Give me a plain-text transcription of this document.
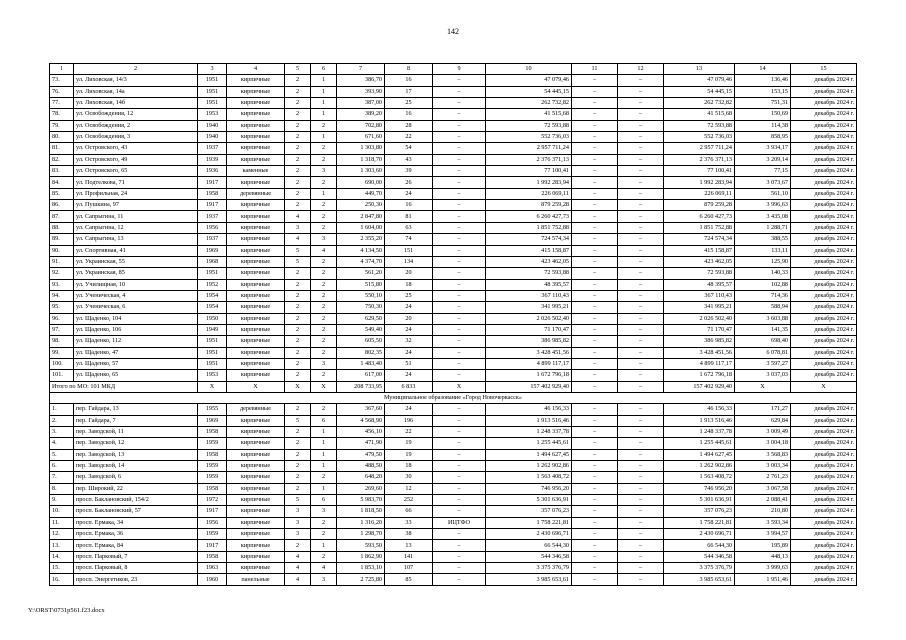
142
1	2	3	4	5	6	7	8	9	10	11	12	13	14	15
73.	ул. Лиховская, 14/3	1951	кирпичные	2	1	386,70	16	–	47 079,46	–	–	47 079,46	136,46	декабрь 2024 г.
76.	ул. Лиховская, 14а	1951	кирпичные	2	1	393,90	17	–	54 445,15	–	–	54 445,15	153,15	декабрь 2024 г.
77.	ул. Лиховская, 14б	1951	кирпичные	2	1	387,00	25	–	262 732,82	–	–	262 732,82	751,31	декабрь 2024 г.
78.	ул. Освобождения, 12	1953	кирпичные	2	1	389,20	16	–	41 515,68	–	–	41 515,68	150,69	декабрь 2024 г.
79.	ул. Освобождения, 2	1940	кирпичные	2	2	702,80	28	–	72 593,88	–	–	72 593,88	114,38	декабрь 2024 г.
80.	ул. Освобождения, 3	1940	кирпичные	2	1	671,60	22	–	552 736,03	–	–	552 736,03	858,95	декабрь 2024 г.
81.	ул. Островского, 43	1937	кирпичные	2	2	1 303,80	54	–	2 957 711,24	–	–	2 957 711,24	3 934,17	декабрь 2024 г.
82.	ул. Островского, 49	1939	кирпичные	2	2	1 318,70	43	–	2 376 371,13	–	–	2 376 371,13	3 209,14	декабрь 2024 г.
83.	ул. Островского, 65	1936	каменные	2	3	1 303,60	39	–	77 100,41	–	–	77 100,41	77,15	декабрь 2024 г.
84.	ул. Подтелкова, 71	1917	кирпичные	2	2	690,00	26	–	1 992 283,94	–	–	1 992 283,94	3 073,67	декабрь 2024 г.
85.	ул. Профильная, 24	1958	деревянные	2	1	449,70	24	–	226 069,11	–	–	226 069,11	561,10	декабрь 2024 г.
86.	ул. Пушкина, 97	1917	кирпичные	2	2	250,30	16	–	879 259,28	–	–	879 259,28	3 996,63	декабрь 2024 г.
87.	ул. Сапрыгина, 11	1937	кирпичные	4	2	2 847,80	81	–	6 260 427,73	–	–	6 260 427,73	3 435,08	декабрь 2024 г.
88.	ул. Сапрыгина, 12	1956	кирпичные	3	2	1 604,00	63	–	1 851 752,88	–	–	1 851 752,88	1 288,71	декабрь 2024 г.
89.	ул. Сапрыгина, 13	1937	кирпичные	4	3	2 355,20	74	–	724 574,34	–	–	724 574,34	388,55	декабрь 2024 г.
90.	ул. Спортивная, 41	1969	кирпичные	5	4	4 134,50	151	–	415 158,87	–	–	415 158,87	133,11	декабрь 2024 г.
91.	ул. Украинская, 55	1968	кирпичные	5	2	4 374,70	134	–	423 462,05	–	–	423 462,05	125,90	декабрь 2024 г.
92.	ул. Украинская, 85	1951	кирпичные	2	2	561,20	20	–	72 593,88	–	–	72 593,88	140,33	декабрь 2024 г.
93.	ул. Училищная, 10	1952	кирпичные	2	2	515,80	18	–	48 395,57	–	–	48 395,57	102,88	декабрь 2024 г.
94.	ул. Ученическая, 4	1954	кирпичные	2	2	550,10	25	–	367 110,43	–	–	367 110,43	714,36	декабрь 2024 г.
95.	ул. Ученическая, 6	1954	кирпичные	2	2	750,30	24	–	341 995,21	–	–	341 995,21	588,94	декабрь 2024 г.
96.	ул. Щаденко, 104	1950	кирпичные	2	2	629,50	20	–	2 026 502,40	–	–	2 026 502,40	3 603,88	декабрь 2024 г.
97.	ул. Щаденко, 106	1949	кирпичные	2	2	549,40	24	–	71 170,47	–	–	71 170,47	141,35	декабрь 2024 г.
98.	ул. Щаденко, 112	1951	кирпичные	2	2	605,50	32	–	386 985,82	–	–	386 985,82	698,40	декабрь 2024 г.
99.	ул. Щаденко, 47	1951	кирпичные	2	2	802,35	24	–	3 428 451,56	–	–	3 428 451,56	6 078,81	декабрь 2024 г.
100.	ул. Щаденко, 57	1951	кирпичные	2	3	1 483,40	51	–	4 899 117,17	–	–	4 899 117,17	3 597,27	декабрь 2024 г.
101.	ул. Щаденко, 65	1953	кирпичные	2	2	617,00	24	–	1 672 796,18	–	–	1 672 796,18	3 037,03	декабрь 2024 г.
Итого по МО: 101 МКД		X	X	X	X	208 733,95	6 833	X	157 402 929,40	–	–	157 402 929,40	X	X
Муниципальное образование «Город Новочеркасск»														
1.	пер. Гайдара, 13	1955	деревянные	2	2	367,60	24	–	46 156,33	–	–	46 156,33	171,27	декабрь 2024 г.
2.	пер. Гайдара, 7	1969	кирпичные	5	6	4 568,90	196	–	1 913 516,46	–	–	1 913 516,46	629,84	декабрь 2024 г.
3.	пер. Заводской, 11	1958	кирпичные	2	1	456,10	22	–	1 248 337,78	–	–	1 248 337,78	3 009,49	декабрь 2024 г.
4.	пер. Заводской, 12	1959	кирпичные	2	1	471,90	19	–	1 255 445,61	–	–	1 255 445,61	3 004,18	декабрь 2024 г.
5.	пер. Заводской, 13	1958	кирпичные	2	1	479,50	19	–	1 494 627,45	–	–	1 494 627,45	3 568,83	декабрь 2024 г.
6.	пер. Заводской, 14	1959	кирпичные	2	1	488,50	18	–	1 262 902,86	–	–	1 262 902,86	3 003,34	декабрь 2024 г.
7.	пер. Заводской, 6	1959	кирпичные	2	2	648,20	30	–	1 563 408,72	–	–	1 563 408,72	2 761,23	декабрь 2024 г.
8.	пер. Широкий, 22	1958	кирпичные	2	1	269,60	12	–	746 956,20	–	–	746 956,20	3 067,58	декабрь 2024 г.
9.	просп. Баклановский, 154/2	1972	кирпичные	5	6	5 983,70	252	–	5 301 636,91	–	–	5 301 636,91	2 088,41	декабрь 2024 г.
10.	просп. Баклановский, 57	1917	кирпичные	3	3	1 818,50	66	–	357 076,23	–	–	357 076,23	210,80	декабрь 2024 г.
11.	просп. Ермака, 34	1956	кирпичные	3	2	1 316,20	33	ИЦТФО	1 758 221,81	–	–	1 758 221,81	3 593,34	декабрь 2024 г.
12.	просп. Ермака, 36	1959	кирпичные	3	2	1 298,70	38	–	2 430 696,71	–	–	2 430 696,71	3 994,57	декабрь 2024 г.
13.	просп. Ермака, 84	1917	кирпичные	2	1	593,50	13	–	66 544,30	–	–	66 544,30	195,89	декабрь 2024 г.
14.	просп. Парковый, 7	1958	кирпичные	4	2	1 862,90	141	–	544 346,58	–	–	544 346,58	448,13	декабрь 2024 г.
15.	просп. Парковый, 8	1963	кирпичные	4	4	1 853,10	107	–	3 375 376,79	–	–	3 375 376,79	3 999,63	декабрь 2024 г.
16.	просп. Энергетиков, 23	1960	панельные	4	3	2 725,80	85	–	3 985 653,61	–	–	3 985 653,61	1 951,46	декабрь 2024 г.
Y:\ORST\0731p561.f23.docx
